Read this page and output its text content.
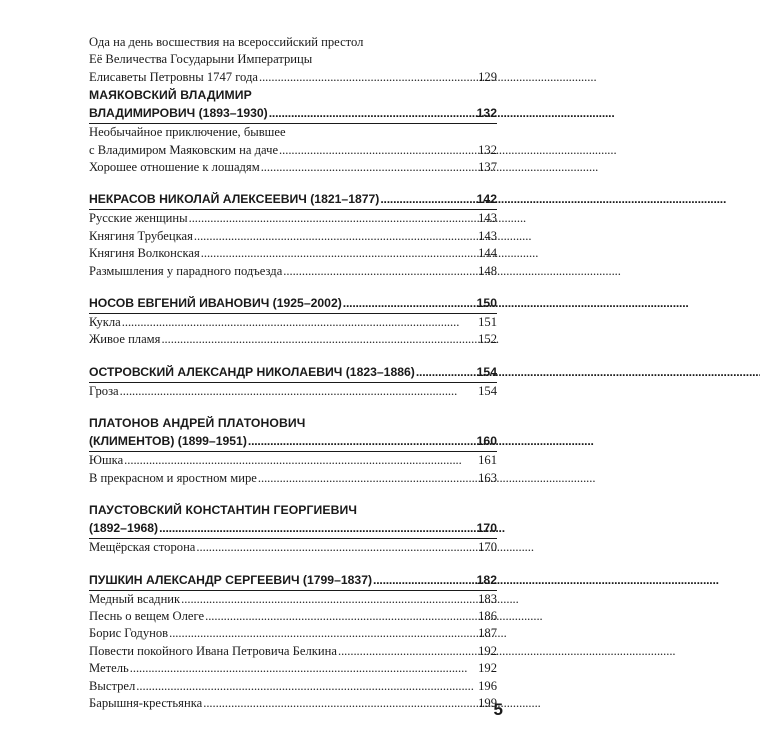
Ода на день восшествия на всероссийский престол
Её Величества Государыни Императрицы
Елисаветы Петровны 1747 года . . .	129
МАЯКОВСКИЙ ВЛАДИМИР
ВЛАДИМИРОВИЧ (1893–1930) . . .	132
Необычайное приключение, бывшее
с Владимиром Маяковским на даче . . .	132
Хорошее отношение к лошадям . . .	137
НЕКРАСОВ НИКОЛАЙ АЛЕКСЕЕВИЧ (1821–1877) . . .	142
Русские женщины . . .	143
Княгиня Трубецкая . . .	143
Княгиня Волконская . . .	144
Размышления у парадного подъезда . . .	148
НОСОВ ЕВГЕНИЙ ИВАНОВИЧ (1925–2002) . . .	150
Кукла . . .	151
Живое пламя . . .	152
ОСТРОВСКИЙ АЛЕКСАНДР НИКОЛАЕВИЧ (1823–1886) . . .	154
Гроза . . .	154
ПЛАТОНОВ АНДРЕЙ ПЛАТОНОВИЧ
(КЛИМЕНТОВ) (1899–1951) . . .	160
Юшка . . .	161
В прекрасном и яростном мире . . .	163
ПАУСТОВСКИЙ КОНСТАНТИН ГЕОРГИЕВИЧ
(1892–1968) . . .	170
Мещёрская сторона . . .	170
ПУШКИН АЛЕКСАНДР СЕРГЕЕВИЧ (1799–1837) . . .	182
Медный всадник . . .	183
Песнь о вещем Олеге . . .	186
Борис Годунов . . .	187
Повести покойного Ивана Петровича Белкина . . .	192
Метель . . .	192
Выстрел . . .	196
Барышня-крестьянка . . .	199
5
